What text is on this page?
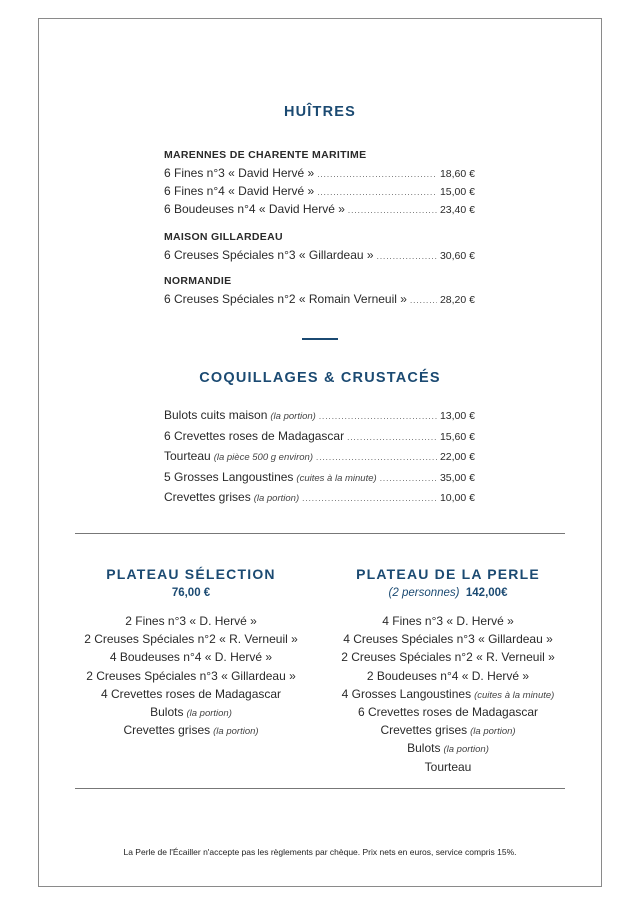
HUÎTRES
MARENNES DE CHARENTE MARITIME
6 Fines n°3 « David Hervé » .....	18,60 €
6 Fines n°4 « David Hervé » .....	15,00 €
6 Boudeuses n°4 « David Hervé » .....	23,40 €
MAISON GILLARDEAU
6 Creuses Spéciales n°3 « Gillardeau » .....	30,60 €
NORMANDIE
6 Creuses Spéciales n°2 « Romain Verneuil » .....	28,20 €
COQUILLAGES & CRUSTACÉS
Bulots cuits maison (la portion) .....	13,00 €
6 Crevettes roses de Madagascar .....	15,60 €
Tourteau (la pièce 500 g environ) .....	22,00 €
5 Grosses Langoustines (cuites à la minute) .....	35,00 €
Crevettes grises (la portion) .....	10,00 €
PLATEAU SÉLECTION
76,00 €
2 Fines n°3 « D. Hervé »
2 Creuses Spéciales n°2 « R. Verneuil »
4 Boudeuses n°4 « D. Hervé »
2 Creuses Spéciales n°3 « Gillardeau »
4 Crevettes roses de Madagascar
Bulots (la portion)
Crevettes grises (la portion)
PLATEAU DE LA PERLE
(2 personnes) 142,00€
4 Fines n°3 « D. Hervé »
4 Creuses Spéciales n°3 « Gillardeau »
2 Creuses Spéciales n°2 « R. Verneuil »
2 Boudeuses n°4 « D. Hervé »
4 Grosses Langoustines (cuites à la minute)
6 Crevettes roses de Madagascar
Crevettes grises (la portion)
Bulots (la portion)
Tourteau
La Perle de l'Écailler n'accepte pas les règlements par chèque. Prix nets en euros, service compris 15%.
